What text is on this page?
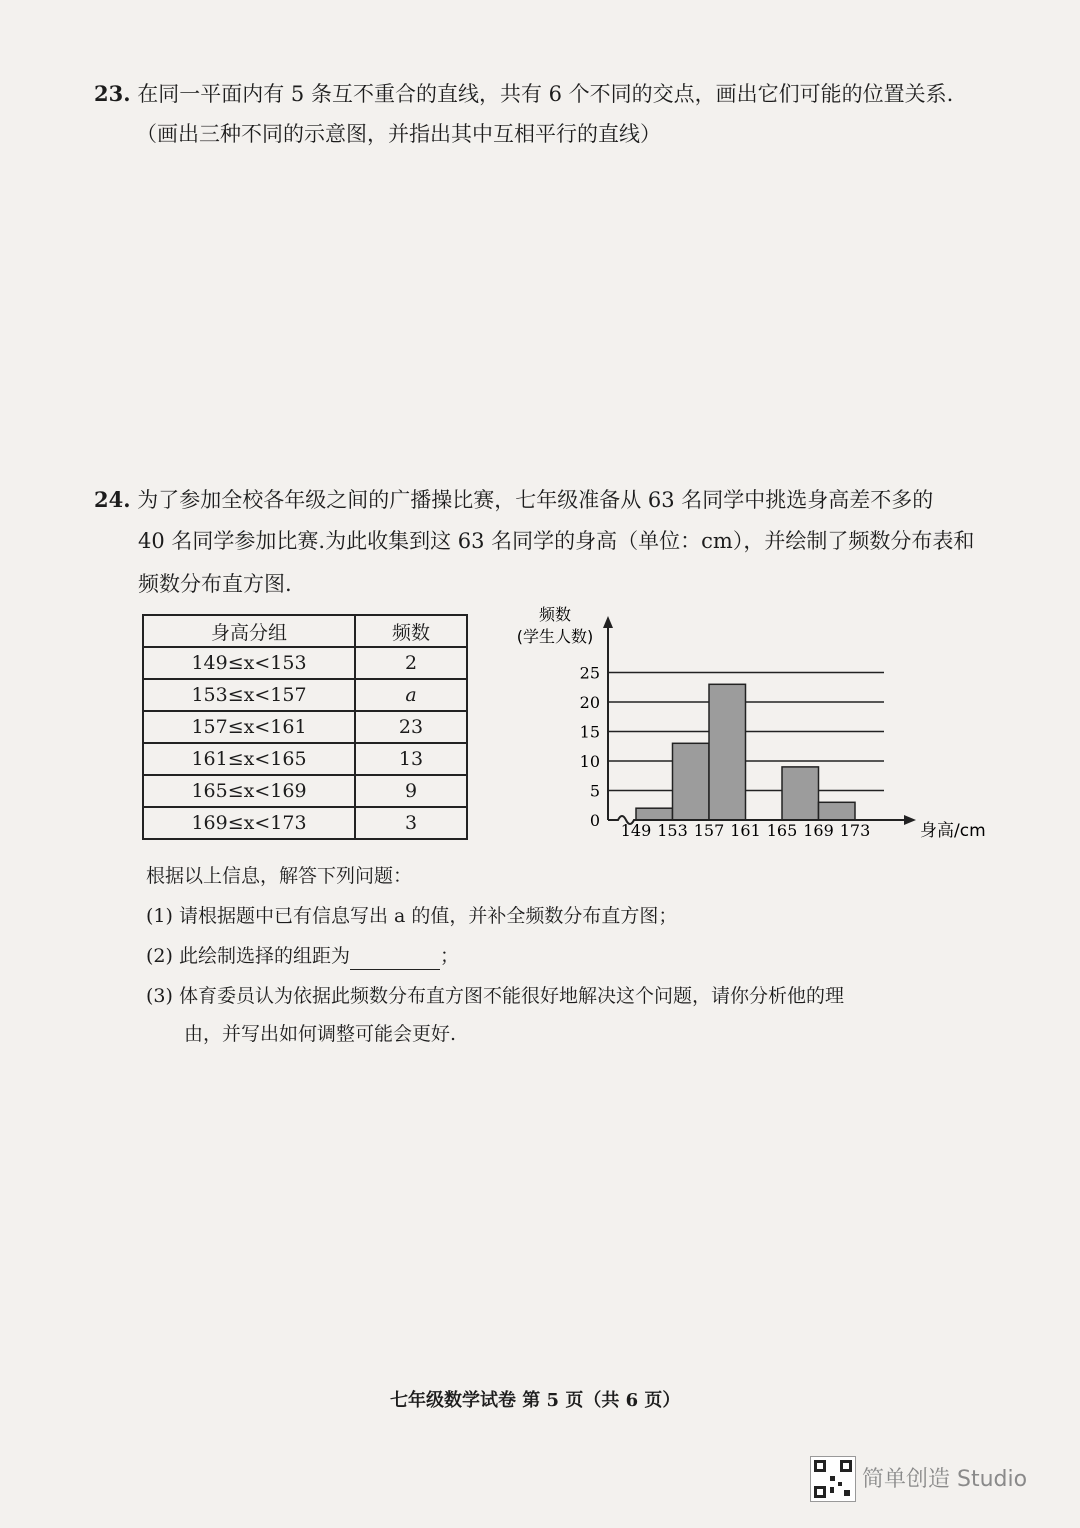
23. 在同一平面内有 5 条互不重合的直线，共有 6 个不同的交点，画出它们可能的位置关系.
（画出三种不同的示意图，并指出其中互相平行的直线）
24. 为了参加全校各年级之间的广播操比赛，七年级准备从 63 名同学中挑选身高差不多的
40 名同学参加比赛.为此收集到这 63 名同学的身高（单位：cm），并绘制了频数分布表和
频数分布直方图.
身高分组	频数
149≤x<153	2
153≤x<157	a
157≤x<161	23
161≤x<165	13
165≤x<169	9
169≤x<173	3
频数
(学生人数)
身高/cm
0
5
10
15
20
25
149 153 157 161 165 169 173
根据以上信息，解答下列问题：
(1) 请根据题中已有信息写出 a 的值，并补全频数分布直方图；
(2) 此绘制选择的组距为	；
(3) 体育委员认为依据此频数分布直方图不能很好地解决这个问题，请你分析他的理
由，并写出如何调整可能会更好.
七年级数学试卷 第 5 页（共 6 页）
简单创造 Studio
